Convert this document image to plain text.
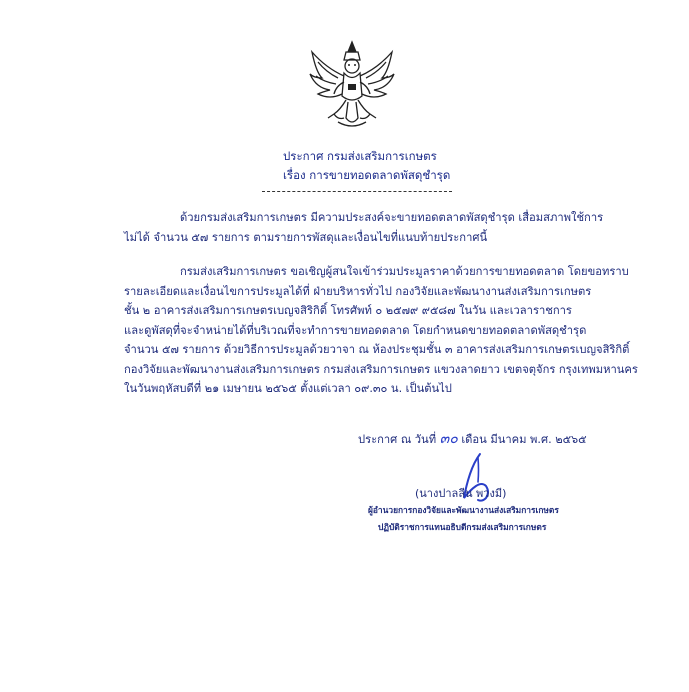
ประกาศ กรมส่งเสริมการเกษตร
เรื่อง การขายทอดตลาดพัสดุชำรุด
ด้วยกรมส่งเสริมการเกษตร มีความประสงค์จะขายทอดตลาดพัสดุชำรุด เสื่อมสภาพใช้การ
ไม่ได้ จำนวน ๕๗ รายการ ตามรายการพัสดุและเงื่อนไขที่แนบท้ายประกาศนี้
กรมส่งเสริมการเกษตร ขอเชิญผู้สนใจเข้าร่วมประมูลราคาด้วยการขายทอดตลาด โดยขอทราบ
รายละเอียดและเงื่อนไขการประมูลได้ที่ ฝ่ายบริหารทั่วไป กองวิจัยและพัฒนางานส่งเสริมการเกษตร
ชั้น ๒ อาคารส่งเสริมการเกษตรเบญจสิริกิติ์ โทรศัพท์ ๐ ๒๕๗๙ ๙๕๘๗ ในวัน และเวลาราชการ
และดูพัสดุที่จะจำหน่ายได้ที่บริเวณที่จะทำการขายทอดตลาด โดยกำหนดขายทอดตลาดพัสดุชำรุด
จำนวน ๕๗ รายการ ด้วยวิธีการประมูลด้วยวาจา ณ ห้องประชุมชั้น ๓ อาคารส่งเสริมการเกษตรเบญจสิริกิติ์
กองวิจัยและพัฒนางานส่งเสริมการเกษตร กรมส่งเสริมการเกษตร แขวงลาดยาว เขตจตุจักร กรุงเทพมหานคร
ในวันพฤหัสบดีที่ ๒๑ เมษายน ๒๕๖๕ ตั้งแต่เวลา ๐๙.๓๐ น. เป็นต้นไป
ประกาศ ณ วันที่ ๓๐ เดือน มีนาคม พ.ศ. ๒๕๖๕
(นางปาลลีน พวงมี)
ผู้อำนวยการกองวิจัยและพัฒนางานส่งเสริมการเกษตร
ปฏิบัติราชการแทนอธิบดีกรมส่งเสริมการเกษตร
